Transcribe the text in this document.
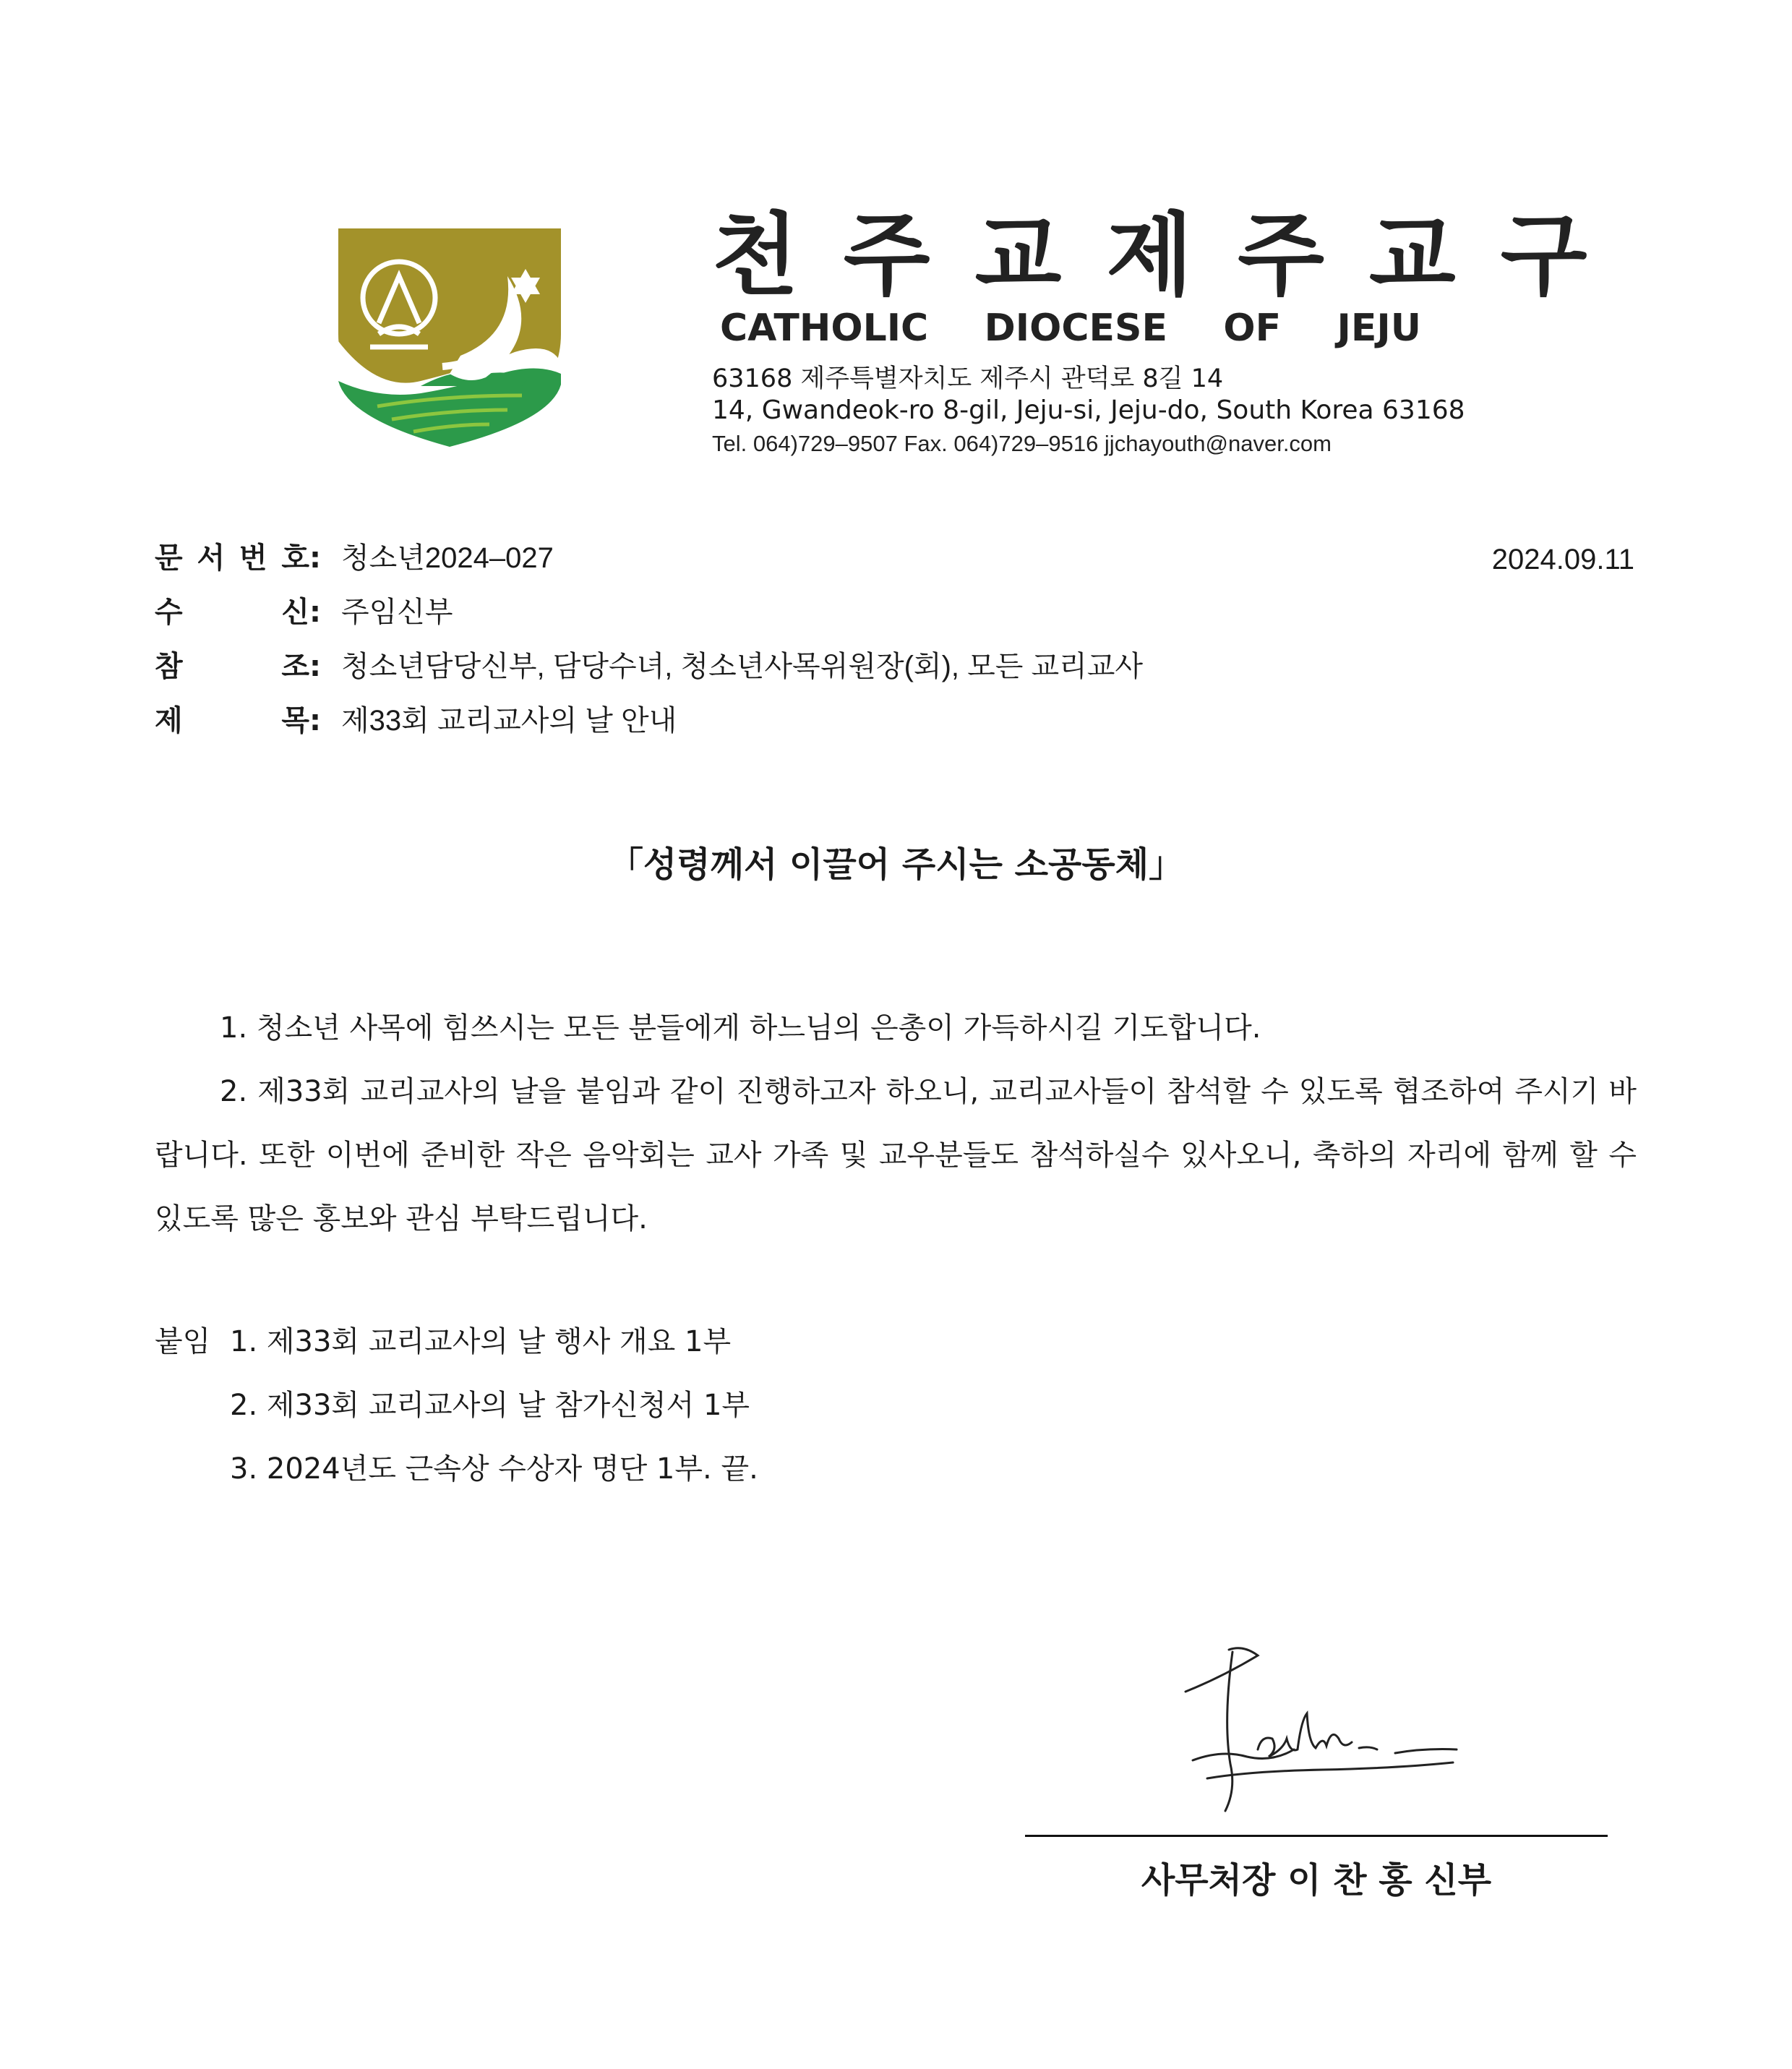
천주교제주교구
CATHOLIC DIOCESE OF JEJU
63168 제주특별자치도 제주시 관덕로 8길 14
14, Gwandeok-ro 8-gil, Jeju-si, Jeju-do, South Korea 63168
Tel. 064)729–9507 Fax. 064)729–9516 jjchayouth@naver.com
문 서 번 호 : 청소년2024–027	2024.09.11
수	신 : 주임신부
참	조 : 청소년담당신부, 담당수녀, 청소년사목위원장(회), 모든 교리교사
제	목 : 제33회 교리교사의 날 안내
「성령께서 이끌어 주시는 소공동체」
1. 청소년 사목에 힘쓰시는 모든 분들에게 하느님의 은총이 가득하시길 기도합니다.
2. 제33회 교리교사의 날을 붙임과 같이 진행하고자 하오니, 교리교사들이 참석할 수 있도록 협조하여 주시기 바랍니다. 또한 이번에 준비한 작은 음악회는 교사 가족 및 교우분들도 참석하실수 있사오니, 축하의 자리에 함께 할 수 있도록 많은 홍보와 관심 부탁드립니다.
붙임 1. 제33회 교리교사의 날 행사 개요 1부
2. 제33회 교리교사의 날 참가신청서 1부
3. 2024년도 근속상 수상자 명단 1부. 끝.
사무처장 이 찬 홍 신부
